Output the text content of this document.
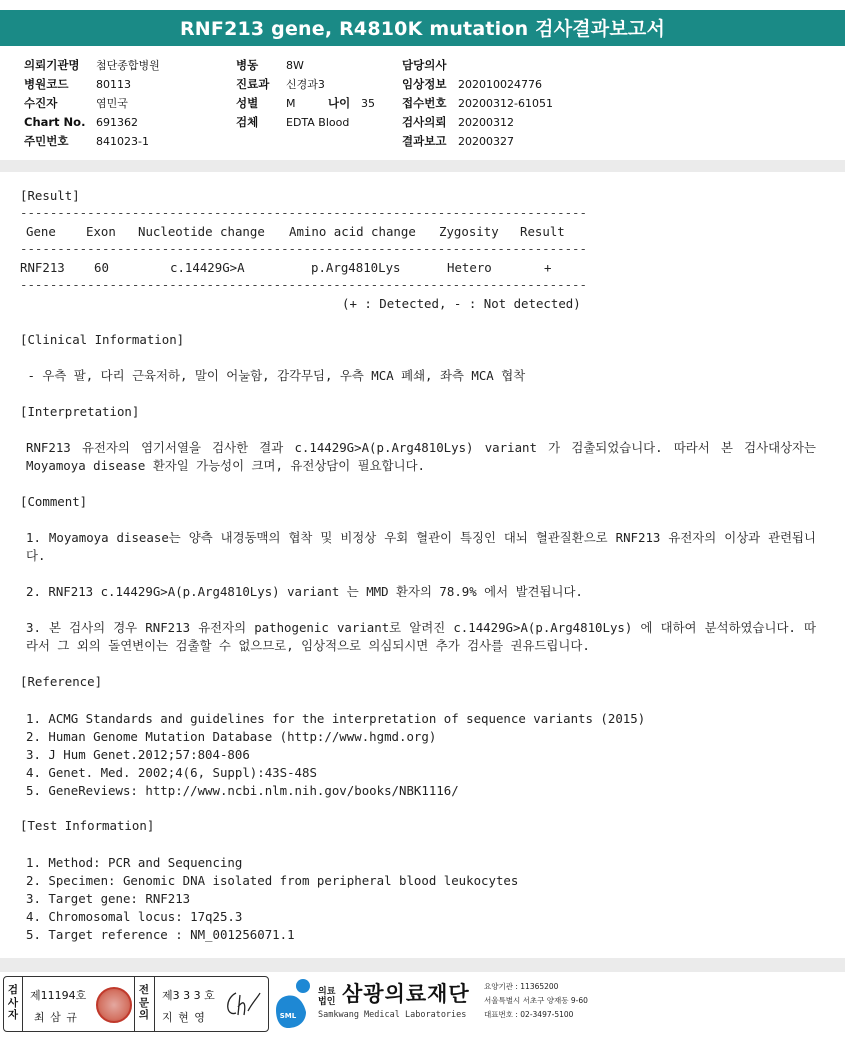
RNF213 gene, R4810K mutation 검사결과보고서
의뢰기관명 첨단종합병원
병원코드	80113
수진자	염민국
Chart No. 691362
주민번호	841023-1
병동	8W
진료과 신경과3
성별	M	나이 35
검체	EDTA Blood
담당의사
임상정보 202010024776
접수번호 20200312-61051
검사의뢰 20200312
결과보고 20200327
[Result]
----------------------------------------------------------------------------
Gene Exon Nucleotide change Amino acid change Zygosity Result
----------------------------------------------------------------------------
RNF213 60	c.14429G>A	p.Arg4810Lys	Hetero	+
----------------------------------------------------------------------------
(+ : Detected, - : Not detected)
[Clinical Information]
- 우측 팔, 다리 근육저하, 말이 어눌함, 감각무딤, 우측 MCA 폐쇄, 좌측 MCA 협착
[Interpretation]
RNF213 유전자의 염기서열을 검사한 결과 c.14429G>A(p.Arg4810Lys) variant 가 검출되었습니다. 따라서 본 검사대상자는 Moyamoya disease 환자일 가능성이 크며, 유전상담이 필요합니다.
[Comment]
1. Moyamoya disease는 양측 내경동맥의 협착 및 비정상 우회 혈관이 특징인 대뇌 혈관질환으로 RNF213 유전자의 이상과 관련됩니다.
2. RNF213 c.14429G>A(p.Arg4810Lys) variant 는 MMD 환자의 78.9% 에서 발견됩니다.
3. 본 검사의 경우 RNF213 유전자의 pathogenic variant로 알려진 c.14429G>A(p.Arg4810Lys) 에 대하여 분석하였습니다. 따라서 그 외의 돌연변이는 검출할 수 없으므로, 임상적으로 의심되시면 추가 검사를 권유드립니다.
[Reference]
1. ACMG Standards and guidelines for the interpretation of sequence variants (2015)
2. Human Genome Mutation Database (http://www.hgmd.org)
3. J Hum Genet.2012;57:804-806
4. Genet. Med. 2002;4(6, Suppl):43S-48S
5. GeneReviews: http://www.ncbi.nlm.nih.gov/books/NBK1116/
[Test Information]
1. Method: PCR and Sequencing
2. Specimen: Genomic DNA isolated from peripheral blood leukocytes
3. Target gene: RNF213
4. Chromosomal locus: 17q25.3
5. Target reference : NM_001256071.1
검사자
제11194호
최 삼 규
전문의
제3 3 3 호
지 현 영	SML
의료법인 삼광의료재단
Samkwang Medical Laboratories
요양기관 : 11365200
서울특별시 서초구 양재동 9-60
대표번호 : 02-3497-5100
